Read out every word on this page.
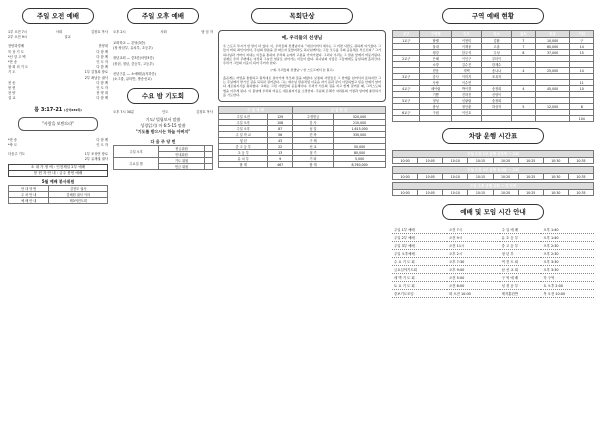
주일 오전 예배
1부 오전 7시	사회	김장호 목사
2부 오전 9시	설교
찬양과경배	찬양대
묵 상 기 도	다 함 께
*신 앙 고 백	다 함 께
*찬 송	인 도 자
참 회 의 기 도	다 함 께
기 도	1부 김철희 장로
2부 최남순 권사
찬 송	다 함 께
봉 헌	인 도 자
찬 양	찬 양 대
설 교	다 함 께
롬 3:17-21 (신약239쪽)
"사람을 보받으라"
*찬 송	다 함 께
*축 도	인 도 자
다음주 기도	1부 조상연 장로
2부 유재권 권사
소 대 가 정 에 : 인천제일 2부 예배
봉 헌 자 안 내 : 금주 봉헌 예배
5월 예배 봉사위원
안 내 당 번	김현모 권사
주 차 안 내	김혜원 권사 이마
예 배 안 내	제3여전도회
주일 오후 예배
오후 2시	사회	담 임 자
교회학교 — 본당(3층)
(청·장년부, 유치부, 초등부)

장년교회 — 중3층(마당3층)
(장년, 청년, 중등부, 고등부)

신년구분 — 소예배실(지하층)
(소그룹, 큐티반, 방송선교)
수요 밤 기도회
오후 7시 30분	인도	김창호 목사
기도/ 빌립보서 말씀
성경읽기/ 마 6:5-15 말씀
"기도를 받으시는 하늘 아버지"
다 음 주 당 번
주일 오후	헌금위원	
	안내위원	
수요일 밤	기도 위원	
	헌금 위원	
목회단상
예, 우리들의 선생님
우 스토프 투시가 한 말이 더 있다. 이, 우리들의 선생님이여. "내년이어서 예수는 그 어떤 사람도 귀하게 여기셨다. 그들이 비록 죄인이어서, 주님의 말씀을 잘 따르지 못할지라도 하나님께서는 그들 모두를 주의 공동체로 부르신다." 그가 하나님과 가까이 지내는 이들을 통하여 우리의 눈에서 고통을 가져가셨다. 그러나 우리는 그 말씀 앞에서 머뭇거린다. 실제로 우리 주변에는 여전히 그늘진 얼굴로 살아가는 이들이 많다. 하나님의 사랑은 그들에게도 동일하게 흘러간다. 우리가 그들의 이웃이 되어 주어야 한다.
("예, 우리들의 선생님" / 한 스토프에서 쓴 원고)
올곧게는 자연을 통합하고 원칙대로 살아가며 부모의 뜻을 따랐다. 보통의 사람들은 그 한계를 넘어서지 못하지만 그는 주님께서 맡기신 길을 묵묵히 걸어갔다. 그는 예수님 말씀처럼 이웃을 자기 몸과 같이 사랑하였고 믿음 안에서 날마다 새로워지기를 원하였다. 교회는 그런 사람들의 공동체이다. 우리가 서로의 짐을 지고 함께 걸어갈 때, 그리스도의 법을 이루게 된다. 이 봄날에 우리의 마음도 새로워지기를 소망한다. 주님의 은혜가 여러분의 가정과 일터에 충만하기를 기도한다.
주 일 예 배		십 일 헌 금	
주일 오전	129	주정헌금	520,000
주일 오후	108	감 사	210,000
주일 오후	87	십 일	1,615,000
주 일 학 교	56	건 축	330,000
청 년	43	구 제	
중 고 등 부	22	선 교	50,000
초 등 부	13	절 기	80,000
유 치 부	9	기 타	5,000
합 계	467	합 계	8,760,000
구역 예배 현황
교구	구역명	인도	장소	출석	헌금	기타
1교구	할렐	이현미	김환	7	10,000	구
	물내	이재웅	고춘	7	60,000	14
	평강	한우석	우성	8	37,000	15
2교구	은혜	이인구	루터이			
	소망	김수진	한재수			
	믿음	지백	송나나	4	25,000	14
3교구	감사	이미지	조옥자			
	사랑	이수연				11
4교구	헤아림	박이경	송정희	4	45,000	10
	기쁨	진하진	신양이			
5교구	정성	신광림	송정희			
	충성	정인춘	하상자	5	12,000	8
6교구	구원	이인호				
						104
차량 운행 시간표
주일 오전 1부 운행 신당역 → 교회
10:00	10:05	10:10	10:15	10:20	10:25	10:30	10:35
주일 오전 2부 운행 동대문 → 교회
10:00	10:05	10:10	10:15	10:20	10:25	10:30	10:35
주일 오후 운행 교회 → 각 지역
10:00	10:05	10:10	10:15	10:20	10:25	10:30	10:35
예배 및 모임 시간 안내
주일 1부 예배	오전 7시	주 일 예 배	오후 1:40
주일 2부 예배	오전 9시	유 초 등 부	오후 1:40
주일 3부 예배	오전 11시	중 고 등 부	오후 2:30
주일 오후예배	오후 2시	청 년 부	오후 2:30
수 요 기 도 회	오후 7:30	여 전 도 회	오후 3:30
금요심야기도회	오후 9:00	남 선 교 회	오후 3:30
새 벽 기 도 회	오전 5:00	구 역 예 배	각 구역
토 요 기 도 회	오전 6:00	성 경 공 부	토 오후 2:00
중보기도모임	화 오전 10:00	제자훈련반	목 오전 10:00
